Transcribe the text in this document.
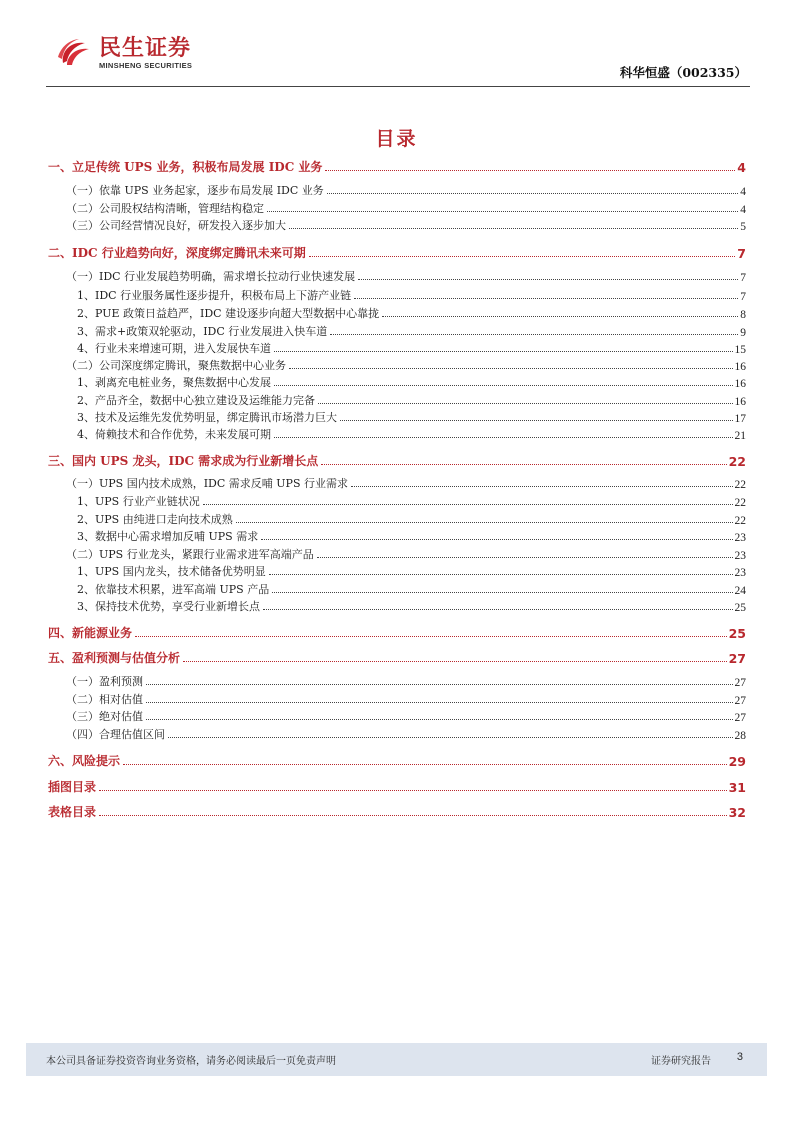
民生证券
MINSHENG SECURITIES	科华恒盛（002335）
目录
一、立足传统 UPS 业务，积极布局发展 IDC 业务	4
（一）依靠 UPS 业务起家，逐步布局发展 IDC 业务	4
（二）公司股权结构清晰，管理结构稳定	4
（三）公司经营情况良好，研发投入逐步加大	5
二、IDC 行业趋势向好，深度绑定腾讯未来可期	7
（一）IDC 行业发展趋势明确，需求增长拉动行业快速发展	7
1、IDC 行业服务属性逐步提升，积极布局上下游产业链	7
2、PUE 政策日益趋严，IDC 建设逐步向超大型数据中心靠拢	8
3、需求+政策双轮驱动，IDC 行业发展进入快车道	9
4、行业未来增速可期，进入发展快车道	15
（二）公司深度绑定腾讯，聚焦数据中心业务	16
1、剥离充电桩业务，聚焦数据中心发展	16
2、产品齐全，数据中心独立建设及运维能力完备	16
3、技术及运维先发优势明显，绑定腾讯市场潜力巨大	17
4、倚赖技术和合作优势，未来发展可期	21
三、国内 UPS 龙头，IDC 需求成为行业新增长点	22
（一）UPS 国内技术成熟，IDC 需求反哺 UPS 行业需求	22
1、UPS 行业产业链状况	22
2、UPS 由纯进口走向技术成熟	22
3、数据中心需求增加反哺 UPS 需求	23
（二）UPS 行业龙头，紧跟行业需求进军高端产品	23
1、UPS 国内龙头，技术储备优势明显	23
2、依靠技术积累，进军高端 UPS 产品	24
3、保持技术优势，享受行业新增长点	25
四、新能源业务	25
五、盈利预测与估值分析	27
（一）盈利预测	27
（二）相对估值	27
（三）绝对估值	27
（四）合理估值区间	28
六、风险提示	29
插图目录	31
表格目录	32
本公司具备证券投资咨询业务资格，请务必阅读最后一页免责声明	证券研究报告 3
